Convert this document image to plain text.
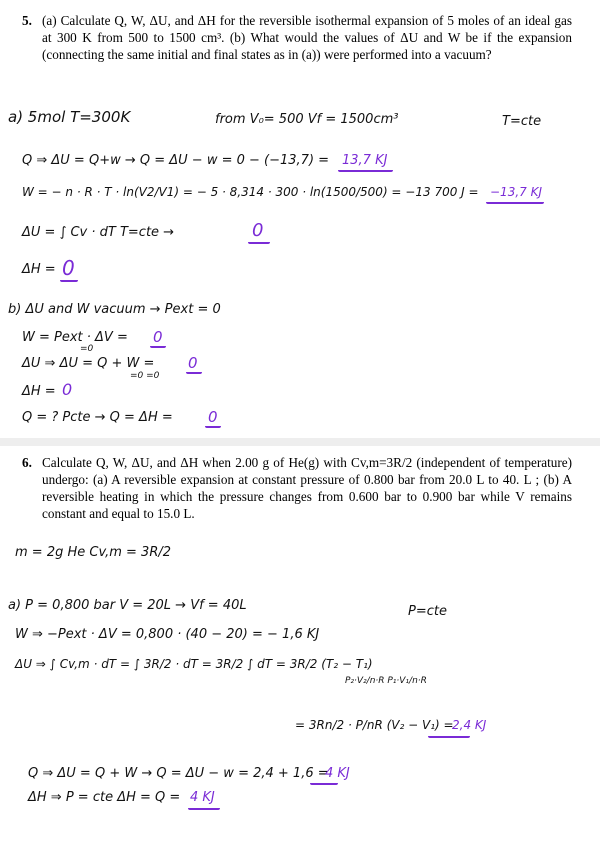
5. (a) Calculate Q, W, ΔU, and ΔH for the reversible isothermal expansion of 5 moles of an ideal gas at 300 K from 500 to 1500 cm³. (b) What would the values of ΔU and W be if the expansion (connecting the same initial and final states as in (a)) were performed into a vacuum?
a) 5mol T=300K	from V₀= 500 Vf = 1500cm³	T=cte
Q ⇒ ΔU = Q+w → Q = ΔU − w = 0 − (−13,7) = 13,7 KJ
W = − n · R · T · ln(V2/V1) = − 5 · 8,314 · 300 · ln(1500/500) = −13 700 J = −13,7 KJ
ΔU = ∫ Cv · dT T=cte →	0
ΔH = 0
b) ΔU and W vacuum → Pext = 0
W = Pext · ΔV = 0
=0
ΔU ⇒ ΔU = Q + W = 0
=0 =0
ΔH = 0
Q = ? Pcte → Q = ΔH = 0
6. Calculate Q, W, ΔU, and ΔH when 2.00 g of He(g) with Cv,m=3R/2 (independent of temperature) undergo: (a) A reversible expansion at constant pressure of 0.800 bar from 20.0 L to 40. L ; (b) A reversible heating in which the pressure changes from 0.600 bar to 0.900 bar while V remains constant and equal to 15.0 L.
m = 2g He Cv,m = 3R/2
a) P = 0,800 bar V = 20L → Vf = 40L	P=cte
W ⇒ −Pext · ΔV = 0,800 · (40 − 20) = − 1,6 KJ
ΔU ⇒ ∫ Cv,m · dT = ∫ 3R/2 · dT = 3R/2 ∫ dT = 3R/2 (T₂ − T₁)
P₂·V₂/n·R P₁·V₁/n·R
= 3Rn/2 · P/nR (V₂ − V₁) =
2,4 KJ
Q ⇒ ΔU = Q + W → Q = ΔU − w = 2,4 + 1,6 =
4 KJ
ΔH ⇒ P = cte ΔH = Q = 4 KJ
